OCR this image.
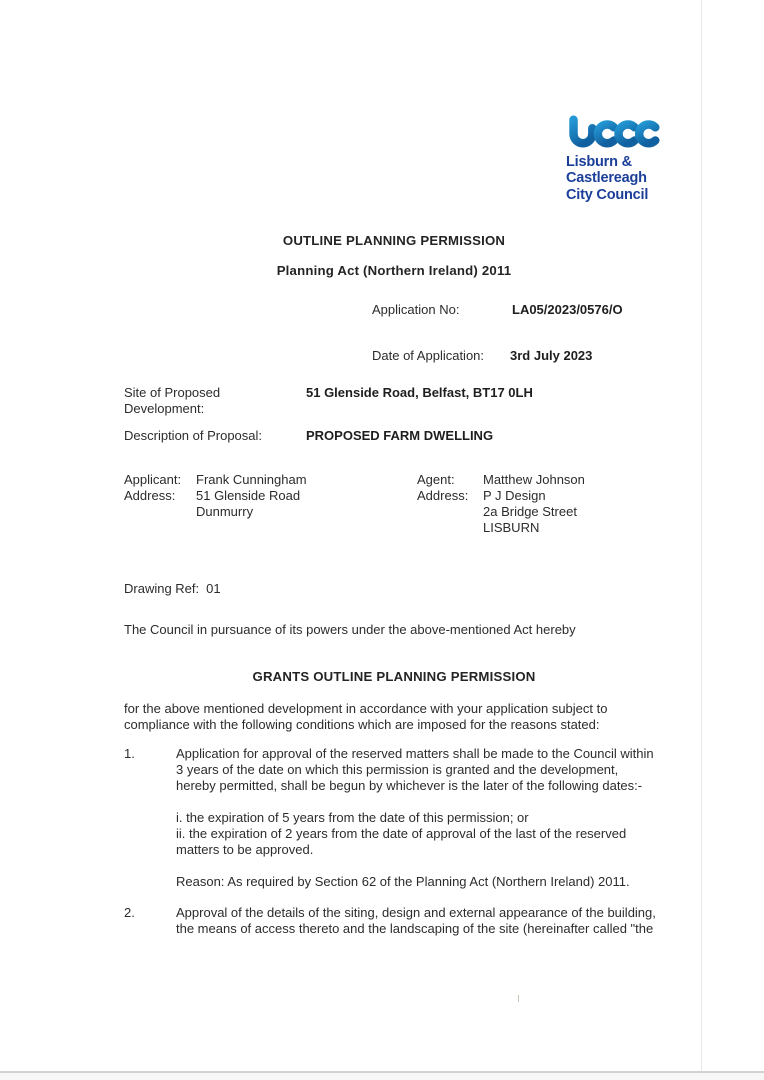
Lisburn &
Castlereagh
City Council
OUTLINE PLANNING PERMISSION
Planning Act (Northern Ireland) 2011
Application No:	LA05/2023/0576/O
Date of Application: 3rd July 2023
Site of Proposed
Development:
51 Glenside Road, Belfast, BT17 0LH
Description of Proposal:	PROPOSED FARM DWELLING
Applicant:	Frank Cunningham
Address:	51 Glenside Road
Dunmurry
Agent:	Matthew Johnson
Address:	P J Design
2a Bridge Street
LISBURN
Drawing Ref: 01
The Council in pursuance of its powers under the above-mentioned Act hereby
GRANTS OUTLINE PLANNING PERMISSION
for the above mentioned development in accordance with your application subject to
compliance with the following conditions which are imposed for the reasons stated:
1.	Application for approval of the reserved matters shall be made to the Council within
3 years of the date on which this permission is granted and the development,
hereby permitted, shall be begun by whichever is the later of the following dates:-

i. the expiration of 5 years from the date of this permission; or
ii. the expiration of 2 years from the date of approval of the last of the reserved
matters to be approved.

Reason: As required by Section 62 of the Planning Act (Northern Ireland) 2011.

2.	Approval of the details of the siting, design and external appearance of the building,
the means of access thereto and the landscaping of the site (hereinafter called "the
